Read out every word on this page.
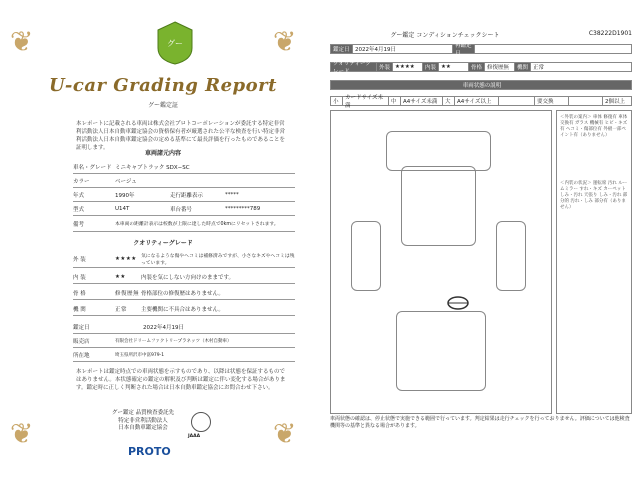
❦	❦
❦	❦
グー
U-car Grading Report
グー鑑定証
本レポートに記載される車両は株式会社プロトコーポレーションが委託する特定非営利活動法人日本自動車鑑定協会の資格保有者が厳選された公平な検査を行い特定非営利活動法人日本自動車鑑定協会の定める基準にて最長評価を行ったものであることを証明します。
車両諸元内容
車名・グレード ミニキャブトラック SDX−SC
カラー	ベージュ
年式	1990年	走行距離表示	*****
型式	U14T	車台番号	*********789
備考	本車両の距離計表示は校数が上限に達した時点で0kmにリセットされます。
クオリティーグレード
外 装	★★★★ 気になるような傷やヘコミは補修済みですが、小さなキズやヘコミは残っています。
内 装	★★	内装を気にしない方向けのままです。
骨 格	修復歴無 骨格部位の修復歴はありません。
機 関	正常	主要機関に不具合はありません。
鑑定日	2022年4月19日
販売店	有限会社ドリームファクトリープラネッツ（木村自動車）
所在地	埼玉県所沢市中富979-1
本レポートは鑑定時点での車両状態を示すものであり、以降は状態を保証するものではありません。本状態確定の鑑定の解釈及び判断は鑑定に伴い変化する場合があります。鑑定時に正しく判断された場合は日本自動車鑑定協会にお問合わせ下さい。
グー鑑定 品質検査委託先
特定非営利活動法人
日本自動車鑑定協会
JAAA
PROTO
グー鑑定 コンディションチェックシート	C38222D1901
鑑定日 2022年4月19日
再鑑定日
クオリティーグレード
外装 ★★★★	内装 ★★	骨格 修復歴無	機関 正常
車両状態の説明
小
カードサイズ未満
中	A4サイズ未満	大	A4サイズ以上	要交換	2個以上
＜外装の案内＞ 車体 修復有 車体 交換有 ガラス 機械有 ヒビ・キズ有 ヘコミ・傷部位有 外板一部ペイント有（ありません）
＜内装の状況＞ 運転席 汚れ ルームミラー すれ・キズ カーペット しみ・汚れ 天張り しみ・汚れ 部分的 汚れ・しみ 部分有（ありません）
車両状態の確認は、停止状態で実施できる範囲で行っています。判定結果は走行チェックを行っておりません。評価については他検査機関等の基準と異なる場合があります。
